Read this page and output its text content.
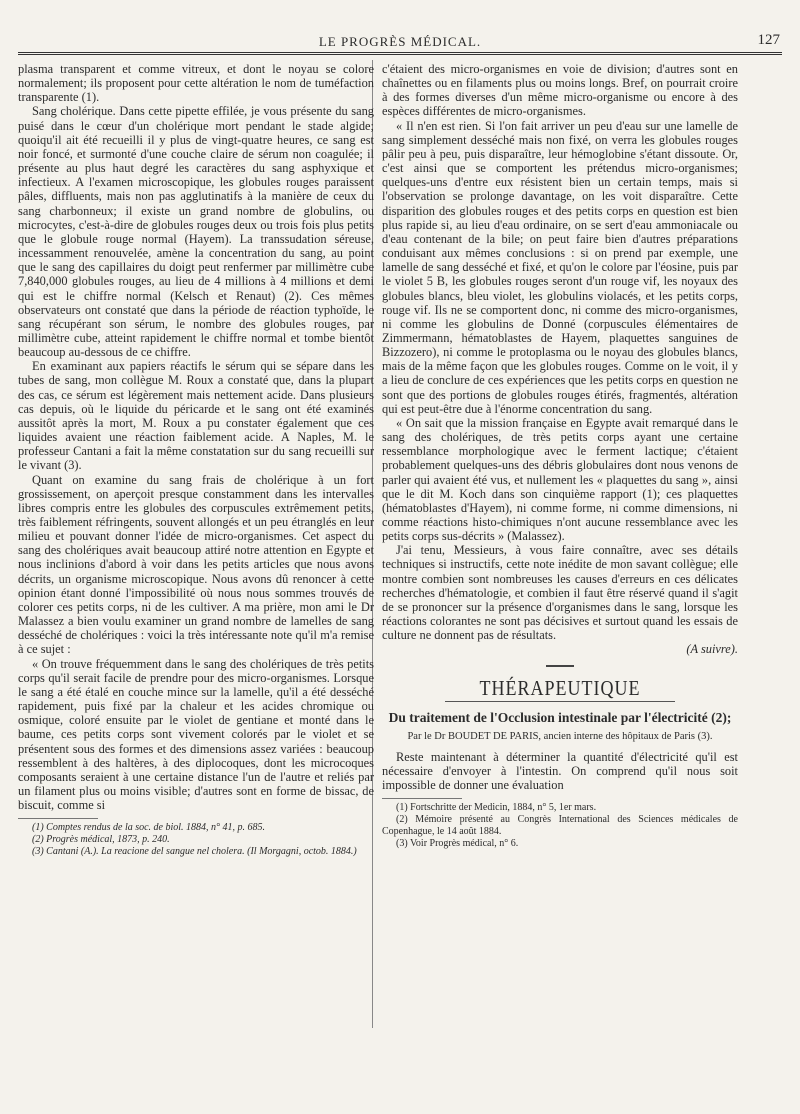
LE PROGRÈS MÉDICAL.	127

plasma transparent et comme vitreux, et dont le noyau se colore normalement; ils proposent pour cette altération le nom de tuméfaction transparente (1).

Sang cholérique. Dans cette pipette effilée, je vous présente du sang puisé dans le cœur d'un cholérique mort pendant le stade algide; quoiqu'il ait été recueilli il y plus de vingt-quatre heures, ce sang est noir foncé, et surmonté d'une couche claire de sérum non coagulée; il présente au plus haut degré les caractères du sang asphyxique et infectieux. A l'examen microscopique, les globules rouges paraissent pâles, diffluents, mais non pas agglutinatifs à la manière de ceux du sang charbonneux; il existe un grand nombre de globulins, ou microcytes, c'est-à-dire de globules rouges deux ou trois fois plus petits que le globule rouge normal (Hayem). La transsudation séreuse, incessamment renouvelée, amène la concentration du sang, au point que le sang des capillaires du doigt peut renfermer par millimètre cube 7,840,000 globules rouges, au lieu de 4 millions à 4 millions et demi qui est le chiffre normal (Kelsch et Renaut) (2). Ces mêmes observateurs ont constaté que dans la période de réaction typhoïde, le sang récupérant son sérum, le nombre des globules rouges, par millimètre cube, atteint rapidement le chiffre normal et tombe bientôt beaucoup au-dessous de ce chiffre.

En examinant aux papiers réactifs le sérum qui se sépare dans les tubes de sang, mon collègue M. Roux a constaté que, dans la plupart des cas, ce sérum est légèrement mais nettement acide. Dans plusieurs cas depuis, où le liquide du péricarde et le sang ont été examinés aussitôt après la mort, M. Roux a pu constater également que ces liquides avaient une réaction faiblement acide. A Naples, M. le professeur Cantani a fait la même constatation sur du sang recueilli sur le vivant (3).

Quant on examine du sang frais de cholérique à un fort grossissement, on aperçoit presque constamment dans les intervalles libres compris entre les globules des corpuscules extrêmement petits, très faiblement réfringents, souvent allongés et un peu étranglés en leur milieu et pouvant donner l'idée de micro-organismes. Cet aspect du sang des cholériques avait beaucoup attiré notre attention en Egypte et nous inclinions d'abord à voir dans les petits articles que nous avons décrits, un organisme microscopique. Nous avons dû renoncer à cette opinion étant donné l'impossibilité où nous nous sommes trouvés de colorer ces petits corps, ni de les cultiver. A ma prière, mon ami le Dr Malassez a bien voulu examiner un grand nombre de lamelles de sang desséché de cholériques : voici la très intéressante note qu'il m'a remise à ce sujet :

« On trouve fréquemment dans le sang des cholériques de très petits corps qu'il serait facile de prendre pour des micro-organismes. Lorsque le sang a été étalé en couche mince sur la lamelle, qu'il a été desséché rapidement, puis fixé par la chaleur et les acides chromique ou osmique, coloré ensuite par le violet de gentiane et monté dans le baume, ces petits corps sont vivement colorés par le violet et se présentent sous des formes et des dimensions assez variées : beaucoup ressemblent à des haltères, à des diplocoques, dont les microcoques composants seraient à une certaine distance l'un de l'autre et reliés par un filament plus ou moins visible; d'autres sont en forme de bissac, de biscuit, comme si

(1) Comptes rendus de la soc. de biol. 1884, n° 41, p. 685.

(2) Progrès médical, 1873, p. 240.

(3) Cantani (A.). La reacione del sangue nel cholera. (Il Morgagni, octob. 1884.)

c'étaient des micro-organismes en voie de division; d'autres sont en chaînettes ou en filaments plus ou moins longs. Bref, on pourrait croire à des formes diverses d'un même micro-organisme ou encore à des espèces différentes de micro-organismes.

« Il n'en est rien. Si l'on fait arriver un peu d'eau sur une lamelle de sang simplement desséché mais non fixé, on verra les globules rouges pâlir peu à peu, puis disparaître, leur hémoglobine s'étant dissoute. Or, c'est ainsi que se comportent les prétendus micro-organismes; quelques-uns d'entre eux résistent bien un certain temps, mais si l'observation se prolonge davantage, on les voit disparaître. Cette disparition des globules rouges et des petits corps en question est bien plus rapide si, au lieu d'eau ordinaire, on se sert d'eau ammoniacale ou d'eau contenant de la bile; on peut faire bien d'autres préparations conduisant aux mêmes conclusions : si on prend par exemple, une lamelle de sang desséché et fixé, et qu'on le colore par l'éosine, puis par le violet 5 B, les globules rouges seront d'un rouge vif, les noyaux des globules blancs, bleu violet, les globulins violacés, et les petits corps, rouge vif. Ils ne se comportent donc, ni comme des micro-organismes, ni comme les globulins de Donné (corpuscules élémentaires de Zimmermann, hématoblastes de Hayem, plaquettes sanguines de Bizzozero), ni comme le protoplasma ou le noyau des globules blancs, mais de la même façon que les globules rouges. Comme on le voit, il y a lieu de conclure de ces expériences que les petits corps en question ne sont que des portions de globules rouges étirés, fragmentés, altération qui est peut-être due à l'énorme concentration du sang.

« On sait que la mission française en Egypte avait remarqué dans le sang des cholériques, de très petits corps ayant une certaine ressemblance morphologique avec le ferment lactique; c'étaient probablement quelques-uns des débris globulaires dont nous venons de parler qui avaient été vus, et nullement les « plaquettes du sang », ainsi que le dit M. Koch dans son cinquième rapport (1); ces plaquettes (hématoblastes d'Hayem), ni comme forme, ni comme dimensions, ni comme réactions histo-chimiques n'ont aucune ressemblance avec les petits corps sus-décrits » (Malassez).

J'ai tenu, Messieurs, à vous faire connaître, avec ses détails techniques si instructifs, cette note inédite de mon savant collègue; elle montre combien sont nombreuses les causes d'erreurs en ces délicates recherches d'hématologie, et combien il faut être réservé quand il s'agit de se prononcer sur la présence d'organismes dans le sang, lorsque les réactions colorantes ne sont pas décisives et surtout quand les essais de culture ne donnent pas de résultats.

(A suivre).

THÉRAPEUTIQUE
Du traitement de l'Occlusion intestinale par l'électricité (2);
Par le Dr BOUDET DE PARIS, ancien interne des hôpitaux de Paris (3).

Reste maintenant à déterminer la quantité d'électricité qu'il est nécessaire d'envoyer à l'intestin. On comprend qu'il nous soit impossible de donner une évaluation

(1) Fortschritte der Medicin, 1884, n° 5, 1er mars.

(2) Mémoire présenté au Congrès International des Sciences médicales de Copenhague, le 14 août 1884.

(3) Voir Progrès médical, n° 6.
